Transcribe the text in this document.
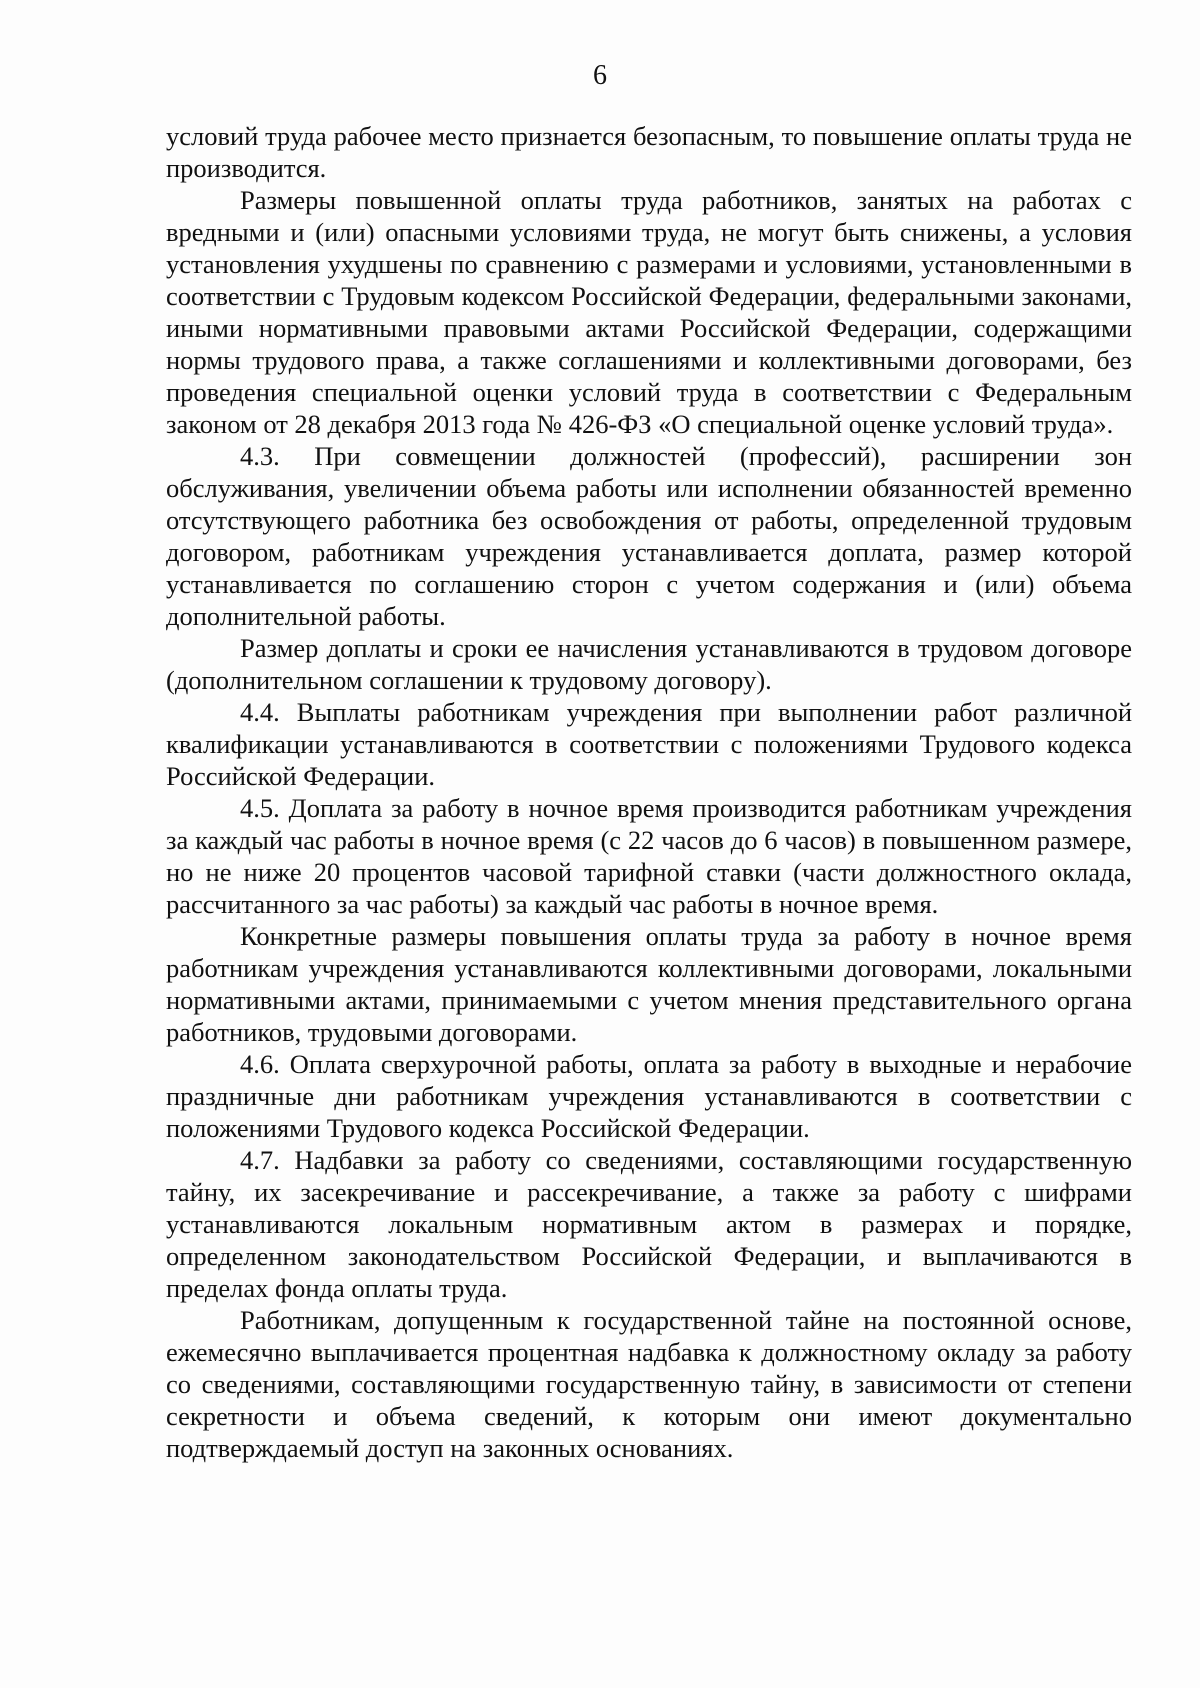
6

условий труда рабочее место признается безопасным, то повышение оплаты труда не производится.

Размеры повышенной оплаты труда работников, занятых на работах с вредными и (или) опасными условиями труда, не могут быть снижены, а условия установления ухудшены по сравнению с размерами и условиями, установленными в соответствии с Трудовым кодексом Российской Федерации, федеральными законами, иными нормативными правовыми актами Российской Федерации, содержащими нормы трудового права, а также соглашениями и коллективными договорами, без проведения специальной оценки условий труда в соответствии с Федеральным законом от 28 декабря 2013 года № 426-ФЗ «О специальной оценке условий труда».

4.3. При совмещении должностей (профессий), расширении зон обслуживания, увеличении объема работы или исполнении обязанностей временно отсутствующего работника без освобождения от работы, определенной трудовым договором, работникам учреждения устанавливается доплата, размер которой устанавливается по соглашению сторон с учетом содержания и (или) объема дополнительной работы.

Размер доплаты и сроки ее начисления устанавливаются в трудовом договоре (дополнительном соглашении к трудовому договору).

4.4. Выплаты работникам учреждения при выполнении работ различной квалификации устанавливаются в соответствии с положениями Трудового кодекса Российской Федерации.

4.5. Доплата за работу в ночное время производится работникам учреждения за каждый час работы в ночное время (с 22 часов до 6 часов) в повышенном размере, но не ниже 20 процентов часовой тарифной ставки (части должностного оклада, рассчитанного за час работы) за каждый час работы в ночное время.

Конкретные размеры повышения оплаты труда за работу в ночное время работникам учреждения устанавливаются коллективными договорами, локальными нормативными актами, принимаемыми с учетом мнения представительного органа работников, трудовыми договорами.

4.6. Оплата сверхурочной работы, оплата за работу в выходные и нерабочие праздничные дни работникам учреждения устанавливаются в соответствии с положениями Трудового кодекса Российской Федерации.

4.7. Надбавки за работу со сведениями, составляющими государственную тайну, их засекречивание и рассекречивание, а также за работу с шифрами устанавливаются локальным нормативным актом в размерах и порядке, определенном законодательством Российской Федерации, и выплачиваются в пределах фонда оплаты труда.

Работникам, допущенным к государственной тайне на постоянной основе, ежемесячно выплачивается процентная надбавка к должностному окладу за работу со сведениями, составляющими государственную тайну, в зависимости от степени секретности и объема сведений, к которым они имеют документально подтверждаемый доступ на законных основаниях.
